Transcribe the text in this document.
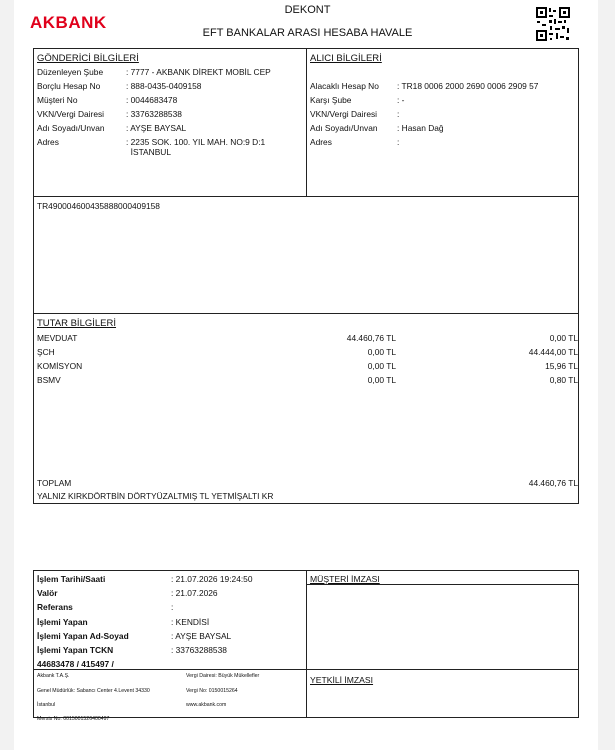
AKBANK
DEKONT
EFT BANKALAR ARASI HESABA HAVALE
GÖNDERİCİ BİLGİLERİ	ALICI BİLGİLERİ
TR490004600435888000409158
TUTAR BİLGİLERİ
TOPLAM	44.460,76 TL
YALNIZ KIRKDÖRTBİN DÖRTYÜZALTMIŞ TL YETMİŞALTI KR
44683478 / 415497 /
MÜŞTERİ İMZASI
YETKİLİ İMZASI
Düzenleyen Şube	: 7777 - AKBANK DİREKT MOBİL CEP
Borçlu Hesap No	: 888-0435-0409158
Müşteri No	: 0044683478
VKN/Vergi Dairesi	: 33763288538
Adı Soyadı/Unvan	: AYŞE BAYSAL
Adres	: 2235 SOK. 100. YIL MAH. NO:9 D:1
İSTANBUL
Alacaklı Hesap No : TR18 0006 2000 2690 0006 2909 57
Karşı Şube	: -
VKN/Vergi Dairesi :
Adı Soyadı/Unvan : Hasan Dağ
Adres	:
MEVDUAT	44.460,76 TL	0,00 TL
ŞCH	0,00 TL	44.444,00 TL
KOMİSYON	0,00 TL	15,96 TL
BSMV	0,00 TL	0,80 TL
İşlem Tarihi/Saati	: 21.07.2026 19:24:50
Valör	: 21.07.2026
Referans	:
İşlemi Yapan	: KENDİSİ
İşlemi Yapan Ad-Soyad	: AYŞE BAYSAL
İşlemi Yapan TCKN	: 33763288538
Akbank T.A.Ş.
Genel Müdürlük: Sabancı Center 4.Levent 34330
İstanbul
Mersis No: 0015001526400497
Vergi Dairesi: Büyük Mükellefler
Vergi No: 0150015264
www.akbank.com
